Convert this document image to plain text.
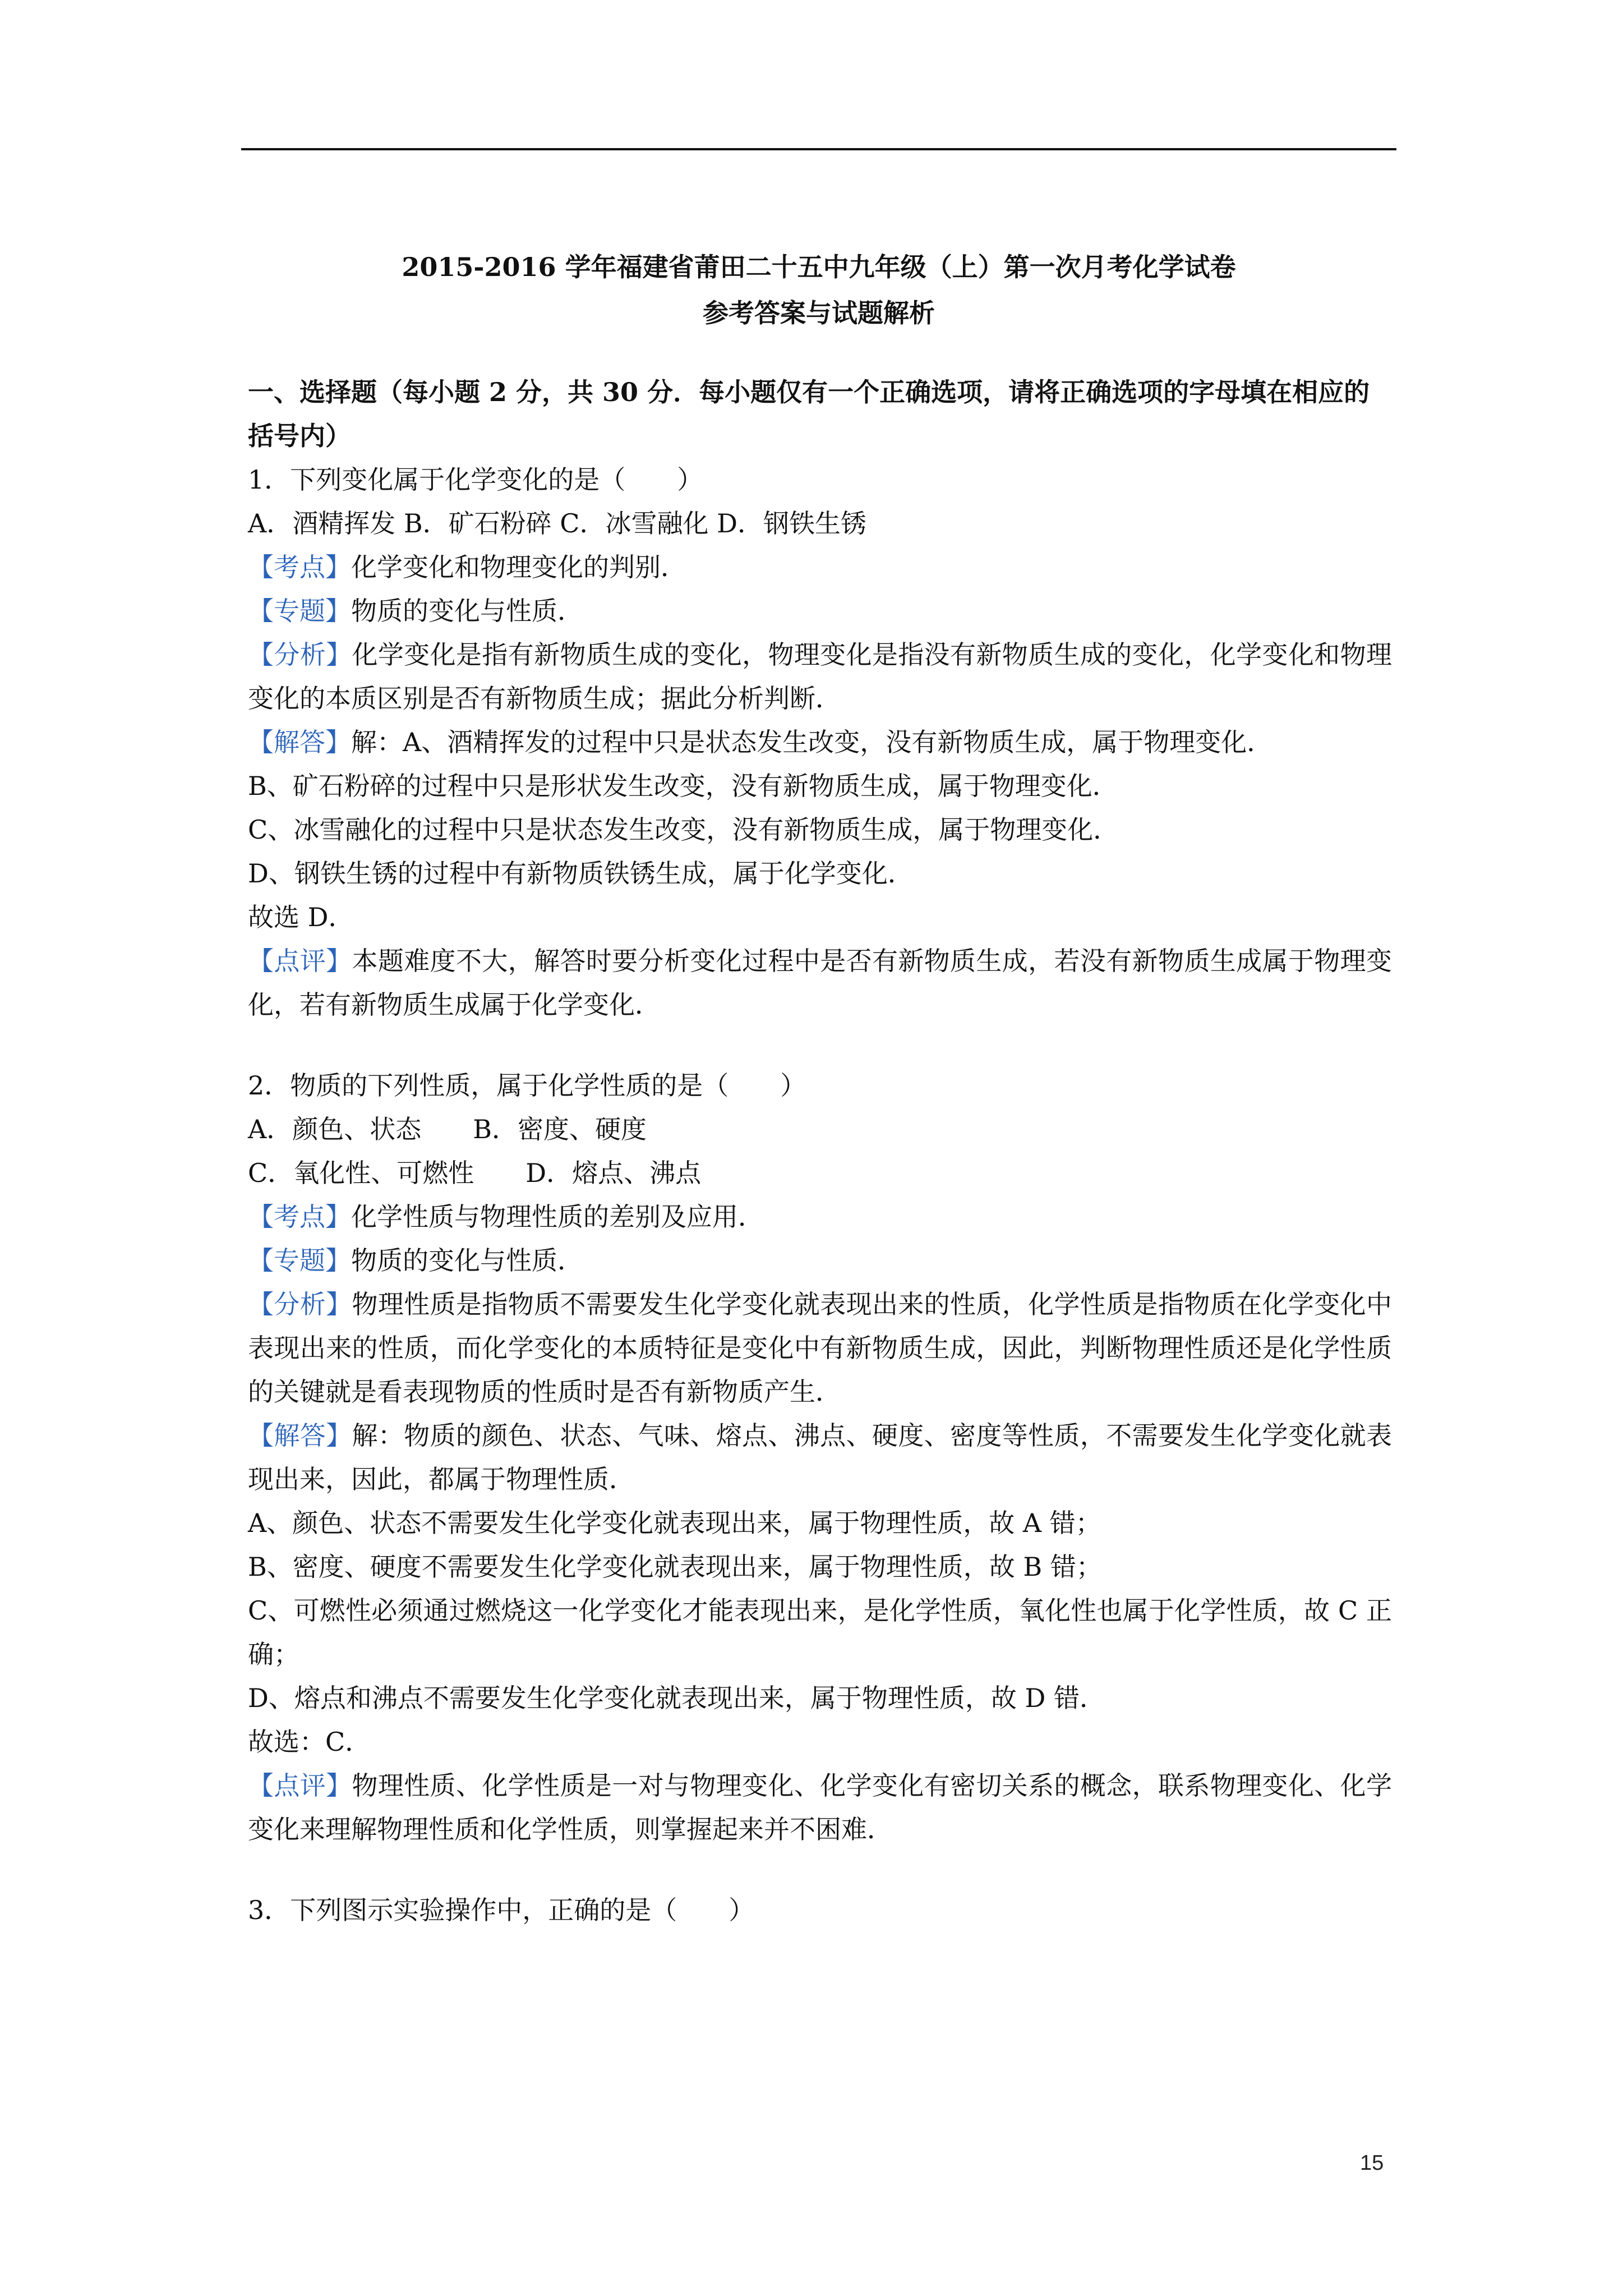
2015-2016 学年福建省莆田二十五中九年级（上）第一次月考化学试卷
参考答案与试题解析

一、选择题（每小题 2 分，共 30 分．每小题仅有一个正确选项，请将正确选项的字母填在相应的括号内）

1．下列变化属于化学变化的是（　　）

A．酒精挥发 B．矿石粉碎 C．冰雪融化 D．钢铁生锈

【考点】化学变化和物理变化的判别．

【专题】物质的变化与性质．

【分析】化学变化是指有新物质生成的变化，物理变化是指没有新物质生成的变化，化学变化和物理变化的本质区别是否有新物质生成；据此分析判断．

【解答】解：A、酒精挥发的过程中只是状态发生改变，没有新物质生成，属于物理变化．

B、矿石粉碎的过程中只是形状发生改变，没有新物质生成，属于物理变化．

C、冰雪融化的过程中只是状态发生改变，没有新物质生成，属于物理变化．

D、钢铁生锈的过程中有新物质铁锈生成，属于化学变化．

故选 D．

【点评】本题难度不大，解答时要分析变化过程中是否有新物质生成，若没有新物质生成属于物理变化，若有新物质生成属于化学变化．

2．物质的下列性质，属于化学性质的是（　　）

A．颜色、状态　　B．密度、硬度

C．氧化性、可燃性　　D．熔点、沸点

【考点】化学性质与物理性质的差别及应用．

【专题】物质的变化与性质．

【分析】物理性质是指物质不需要发生化学变化就表现出来的性质，化学性质是指物质在化学变化中表现出来的性质，而化学变化的本质特征是变化中有新物质生成，因此，判断物理性质还是化学性质的关键就是看表现物质的性质时是否有新物质产生．

【解答】解：物质的颜色、状态、气味、熔点、沸点、硬度、密度等性质，不需要发生化学变化就表现出来，因此，都属于物理性质．

A、颜色、状态不需要发生化学变化就表现出来，属于物理性质，故 A 错；

B、密度、硬度不需要发生化学变化就表现出来，属于物理性质，故 B 错；

C、可燃性必须通过燃烧这一化学变化才能表现出来，是化学性质，氧化性也属于化学性质，故 C 正确；

D、熔点和沸点不需要发生化学变化就表现出来，属于物理性质，故 D 错．

故选：C．

【点评】物理性质、化学性质是一对与物理变化、化学变化有密切关系的概念，联系物理变化、化学变化来理解物理性质和化学性质，则掌握起来并不困难．

3．下列图示实验操作中，正确的是（　　）

15
